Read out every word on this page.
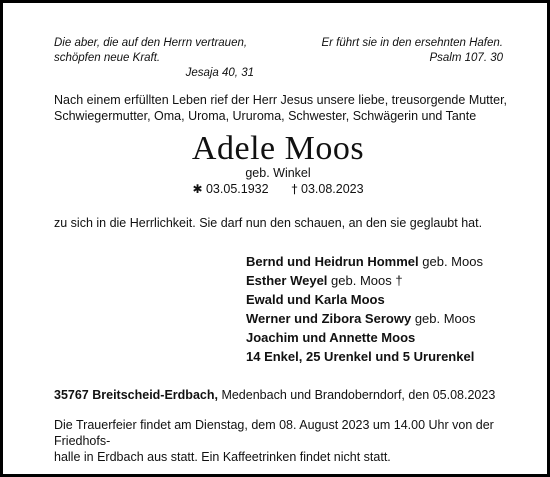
Die aber, die auf den Herrn vertrauen,
schöpfen neue Kraft.
Jesaja 40, 31
Er führt sie in den ersehnten Hafen.
Psalm 107. 30
Nach einem erfüllten Leben rief der Herr Jesus unsere liebe, treusorgende Mutter,
Schwiegermutter, Oma, Uroma, Ururoma, Schwester, Schwägerin und Tante
Adele Moos
geb. Winkel
✱ 03.05.1932 † 03.08.2023
zu sich in die Herrlichkeit. Sie darf nun den schauen, an den sie geglaubt hat.
Bernd und Heidrun Hommel geb. Moos
Esther Weyel geb. Moos †
Ewald und Karla Moos
Werner und Zibora Serowy geb. Moos
Joachim und Annette Moos
14 Enkel, 25 Urenkel und 5 Ururenkel
35767 Breitscheid-Erdbach, Medenbach und Brandoberndorf, den 05.08.2023
Die Trauerfeier findet am Dienstag, dem 08. August 2023 um 14.00 Uhr von der Friedhofs-
halle in Erdbach aus statt. Ein Kaffeetrinken findet nicht statt.
